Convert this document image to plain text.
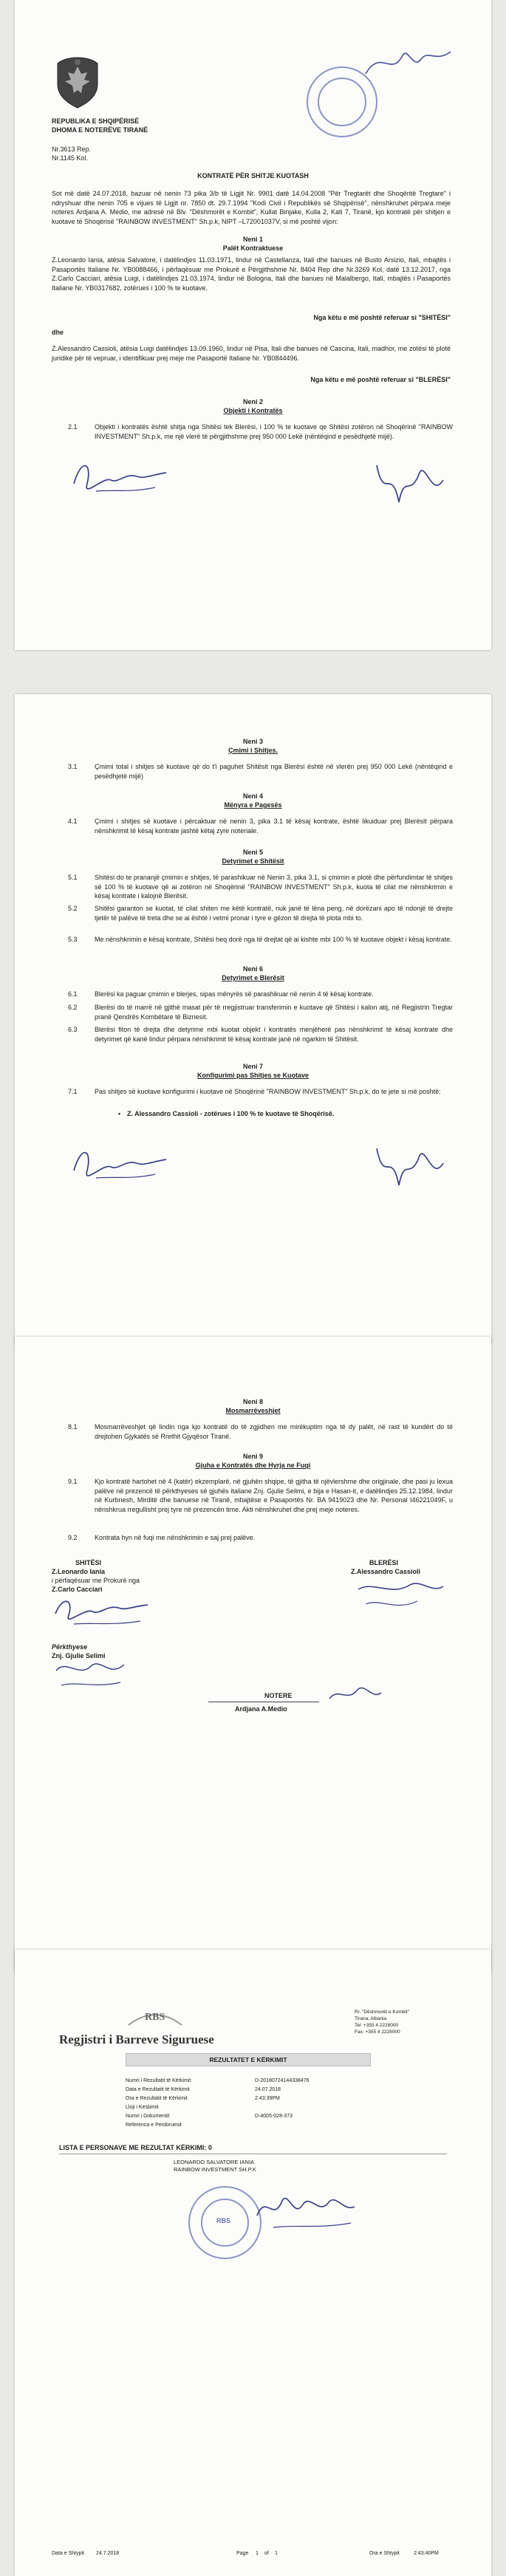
REPUBLIKA E SHQIPËRISË
DHOMA E NOTERËVE TIRANË
Nr.3613 Rep.
Nr.1145 Kol.
KONTRATË PËR SHITJE KUOTASH
Sot më datë 24.07.2018, bazuar në nenin 73 pika 3/b të Ligjit Nr. 9901 datë 14.04.2008 "Për Tregtarët dhe Shoqëritë Tregtare" i ndryshuar dhe nenin 705 e vijues të Ligjit nr. 7850 dt. 29.7.1994 "Kodi Civil i Republikës së Shqipërisë", nënshkruhet përpara meje noteres Ardjana A. Medio, me adresë në Blv. "Dëshmorët e Kombit", Kullat Binjake, Kulla 2, Kati 7, Tiranë, kjo kontratë për shitjen e kuotave të Shoqërisë "RAINBOW INVESTMENT" Sh.p.k, NIPT –L72001037V, si më poshtë vijon:
Neni 1
Palët Kontraktuese
Z.Leonardo Iania, atësia Salvatore, i datëlindjes 11.03.1971, lindur në Castellanza, Itali dhe banues në Busto Arsizio, Itali, mbajtës i Pasaportës Italiane Nr. YB0088466, i përfaqësuar me Prokurë e Përgjithshme Nr. 8404 Rep dhe Nr.3269 Kol, datë 13.12.2017, nga Z.Carlo Cacciari, atësia Luigi, i datëlindjes 21.03.1974, lindur në Bologna, Itali dhe banues në Malalbergo, Itali, mbajtës i Pasaportës Italiane Nr. YB0317682, zotërues i 100 % te kuotave.
Nga këtu e më poshtë referuar si "SHITËSI"
dhe
Z.Alessandro Cassioli, atësia Luigi datëlindjes 13.09.1960, lindur në Pisa, Itali dhe banues në Cascina, Itali, madhor, me zotësi të plotë juridike për të vepruar, i identifikuar prej meje me Pasaportë Italiane Nr. YB0844496.
Nga këtu e më poshtë referuar si "BLERËSI"
Neni 2
Objekti i Kontratës
2.1	Objekti i kontratës është shitja nga Shitësi tek Blerësi, i 100 % te kuotave qe Shitësi zotëron në Shoqërinë "RAINBOW INVESTMENT" Sh.p.k, me një vlerë të përgjithshme prej 950 000 Lekë (nëntëqind e pesëdhjetë mijë).
Neni 3
Çmimi i Shitjes.
3.1	Çmimi total i shitjes së kuotave që do t'i paguhet Shitësit nga Blerësi është në vlerën prej 950 000 Lekë (nëntëqind e pesëdhjetë mijë)
Neni 4
Mënyra e Pagesës
4.1	Çmimi i shitjes së kuotave i përcaktuar në nenin 3, pika 3.1 të kësaj kontrate, është likuiduar prej Blerësit përpara nënshkrimit të kësaj kontrate jashtë këtaj zyre noteriale.
Neni 5
Detyrimet e Shitësit
5.1	Shitësi do te prananjë çmimin e shitjes, të parashikuar në Nenin 3, pika 3.1, si çmimin e plotë dhe përfundimtar të shitjes së 100 % të kuotave që ai zotëron në Shoqërinë "RAINBOW INVESTMENT" Sh.p.k, kuota të cilat me nënshkrimin e kësaj kontrate i kalojnë Blerësit.
5.2	Shitësi garanton se kuotat, të cilat shiten me këtë kontratë, nuk janë të lëna peng, në dorëzani apo të ndonjë të drejte tjetër të palëve të treta dhe se ai është i vetmi pronar i tyre e gëzon të drejta të plota mbi to.
5.3	Me nënshkrimin e kësaj kontrate, Shitësi heq dorë nga të drejtat që ai kishte mbi 100 % të kuotave objekt i kësaj kontrate.
Neni 6
Detyrimet e Blerësit
6.1	Blerësi ka paguar çmimin e blerjes, sipas mënyrës së parashikuar në nenin 4 të kësaj kontrate.
6.2	Blerësi do të marrë në gjithë masat për të rregjistruar transferimin e kuotave që Shitësi i kalon atij, në Regjistrin Tregtar pranë Qendrës Kombëtare të Biznesit.
6.3	Blerësi fiton të drejta dhe detyrime mbi kuotat objekt i kontratës menjëherë pas nënshkrimit të kësaj kontrate dhe detyrimet që kanë lindur përpara nënshkrimit të kësaj kontrate janë në ngarkim të Shitësit.
Neni 7
Konfigurimi pas Shitjes se Kuotave
7.1	Pas shitjes së kuotave konfigurimi i kuotave në Shoqërinë "RAINBOW INVESTMENT" Sh.p.k, do te jete si më poshtë:
• Z. Alessandro Cassioli - zotërues i 100 % te kuotave të Shoqërisë.
Neni 8
Mosmarrëveshjet
8.1	Mosmarrëveshjet që lindin nga kjo kontratë do të zgjidhen me mirëkuptim nga të dy palët, në rast të kundërt do të drejtohen Gjykatës së Rrethit Gjyqësor Tiranë.
Neni 9
Gjuha e Kontratës dhe Hyrja ne Fuqi
9.1	Kjo kontratë hartohet në 4 (katër) ekzemplarë, në gjuhën shqipe, të gjitha të njëvlershme dhe origjinale, dhe pasi ju lexua palëve në prezencë të përkthyeses së gjuhës italiane Znj. Gjulie Selimi, e bija e Hasan-it, e datëlindjes 25.12.1984, lindur në Kurbnesh, Mirditë dhe banuese në Tiranë, mbajtëse e Pasaportës Nr. BA 9419023 dhe Nr. Personal I46221049F, u nënshkrua rregullisht prej tyre në prezencën time. Akti nënshkruhet dhe prej meje noteres.
9.2	Kontrata hyn në fuqi me nënshkrimin e saj prej palëve.
SHITËSI
Z.Leonardo Iania
i përfaqësuar me Prokurë nga
Z.Carlo Cacciari
BLERËSI
Z.Alessandro Cassioli
Përkthyese
Znj. Gjulie Selimi
NOTERE
Ardjana A.Medio
RBS
Regjistri i Barreve Siguruese
Rr. "Dëshmorët e Kombit"
Tirana, Albania
Tel: +355 4 2228000
Fax: +355 4 2228000
REZULTATET E KËRKIMIT
Numri i Rezultatit të Kërkimit	D-20180724144338476
Data e Rezultatit të Kërkimit	24.07.2018
Ora e Rezultatit të Kërkimit	2:43:39PM
Lloji i Kesbimit
Numri i Dokumentit	D-4005-028-373
Referenca e Perdoruesit
LISTA E PERSONAVE ME REZULTAT KËRKIMI: 0
LEONARDO SALVATORE IANIA
RAINBOW INVESTMENT SH.P.K
RBS
Data e Shtypit 24.7.2018	Page 1 of 1	Ora e Shtypit	2:43:40PM
